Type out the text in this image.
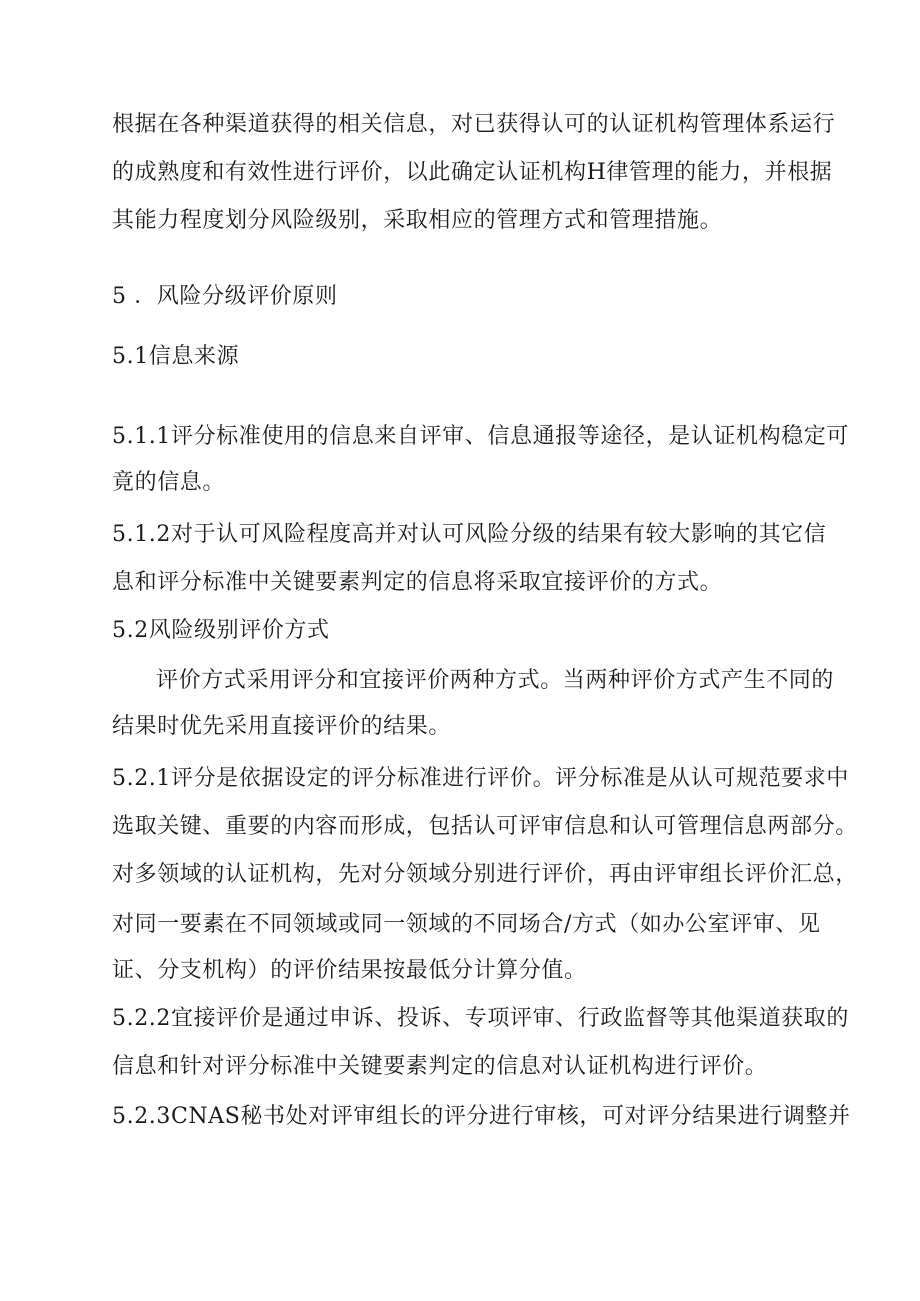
根据在各种渠道获得的相关信息，对已获得认可的认证机构管理体系运行
的成熟度和有效性进行评价，以此确定认证机构H律管理的能力，并根据
其能力程度划分风险级别，采取相应的管理方式和管理措施。
5 ．风险分级评价原则
5.1信息来源
5.1.1评分标准使用的信息来自评审、信息通报等途径，是认证机构稳定可
竟的信息。
5.1.2对于认可风险程度高并对认可风险分级的结果有较大影响的其它信
息和评分标准中关键要素判定的信息将采取宜接评价的方式。
5.2风险级别评价方式
评价方式采用评分和宜接评价两种方式。当两种评价方式产生不同的
结果时优先采用直接评价的结果。
5.2.1评分是依据设定的评分标准进行评价。评分标准是从认可规范要求中
选取关键、重要的内容而形成，包括认可评审信息和认可管理信息两部分。
对多领域的认证机构，先对分领域分别进行评价，再由评审组长评价汇总，
对同一要素在不同领域或同一领域的不同场合/方式（如办公室评审、见
证、分支机构）的评价结果按最低分计算分值。
5.2.2宜接评价是通过申诉、投诉、专项评审、行政监督等其他渠道获取的
信息和针对评分标准中关键要素判定的信息对认证机构进行评价。
5.2.3CNAS秘书处对评审组长的评分进行审核，可对评分结果进行调整并
